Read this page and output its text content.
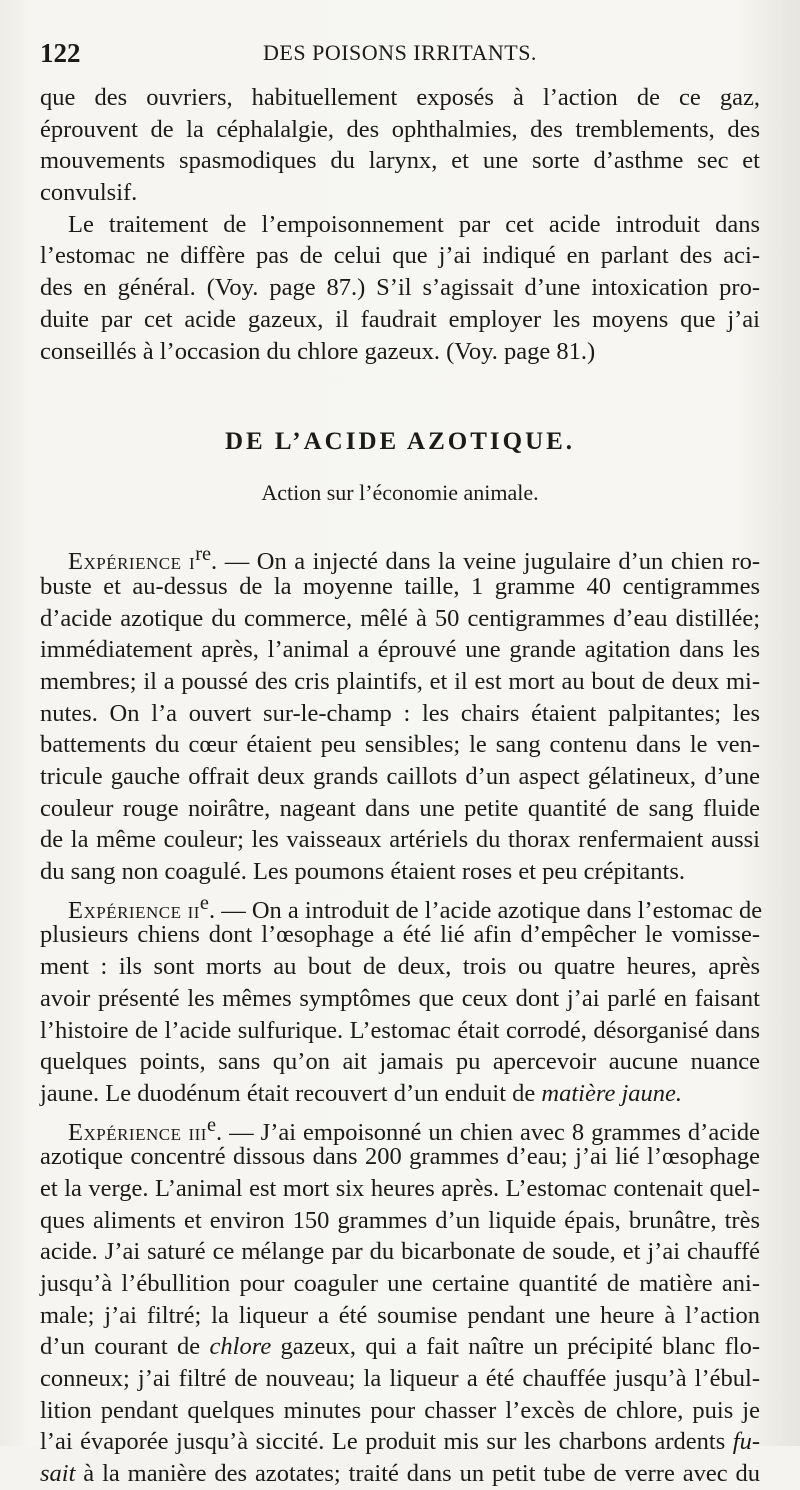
122	DES POISONS IRRITANTS.
que des ouvriers, habituellement exposés à l’action de ce gaz,
éprouvent de la céphalalgie, des ophthalmies, des tremblements, des
mouvements spasmodiques du larynx, et une sorte d’asthme sec et
convulsif.
Le traitement de l’empoisonnement par cet acide introduit dans
l’estomac ne diffère pas de celui que j’ai indiqué en parlant des aci-
des en général. (Voy. page 87.) S’il s’agissait d’une intoxication pro-
duite par cet acide gazeux, il faudrait employer les moyens que j’ai
conseillés à l’occasion du chlore gazeux. (Voy. page 81.)
DE L’ACIDE AZOTIQUE.
Action sur l’économie animale.
Expérience $i^{re}$. — On a injecté dans la veine jugulaire d’un chien ro-
buste et au-dessus de la moyenne taille, 1 gramme 40 centigrammes
d’acide azotique du commerce, mêlé à 50 centigrammes d’eau distillée;
immédiatement après, l’animal a éprouvé une grande agitation dans les
membres; il a poussé des cris plaintifs, et il est mort au bout de deux mi-
nutes. On l’a ouvert sur-le-champ : les chairs étaient palpitantes; les
battements du cœur étaient peu sensibles; le sang contenu dans le ven-
tricule gauche offrait deux grands caillots d’un aspect gélatineux, d’une
couleur rouge noirâtre, nageant dans une petite quantité de sang fluide
de la même couleur; les vaisseaux artériels du thorax renfermaient aussi
du sang non coagulé. Les poumons étaient roses et peu crépitants.
Expérience $ii^e$. — On a introduit de l’acide azotique dans l’estomac de
plusieurs chiens dont l’œsophage a été lié afin d’empêcher le vomisse-
ment : ils sont morts au bout de deux, trois ou quatre heures, après
avoir présenté les mêmes symptômes que ceux dont j’ai parlé en faisant
l’histoire de l’acide sulfurique. L’estomac était corrodé, désorganisé dans
quelques points, sans qu’on ait jamais pu apercevoir aucune nuance
jaune. Le duodénum était recouvert d’un enduit de matière jaune.
Expérience iii$^e$. — J’ai empoisonné un chien avec 8 grammes d’acide
azotique concentré dissous dans 200 grammes d’eau; j’ai lié l’œsophage
et la verge. L’animal est mort six heures après. L’estomac contenait quel-
ques aliments et environ 150 grammes d’un liquide épais, brunâtre, très
acide. J’ai saturé ce mélange par du bicarbonate de soude, et j’ai chauffé
jusqu’à l’ébullition pour coaguler une certaine quantité de matière ani-
male; j’ai filtré; la liqueur a été soumise pendant une heure à l’action
d’un courant de chlore gazeux, qui a fait naître un précipité blanc flo-
conneux; j’ai filtré de nouveau; la liqueur a été chauffée jusqu’à l’ébul-
lition pendant quelques minutes pour chasser l’excès de chlore, puis je
l’ai évaporée jusqu’à siccité. Le produit mis sur les charbons ardents fu-
sait à la manière des azotates; traité dans un petit tube de verre avec du
